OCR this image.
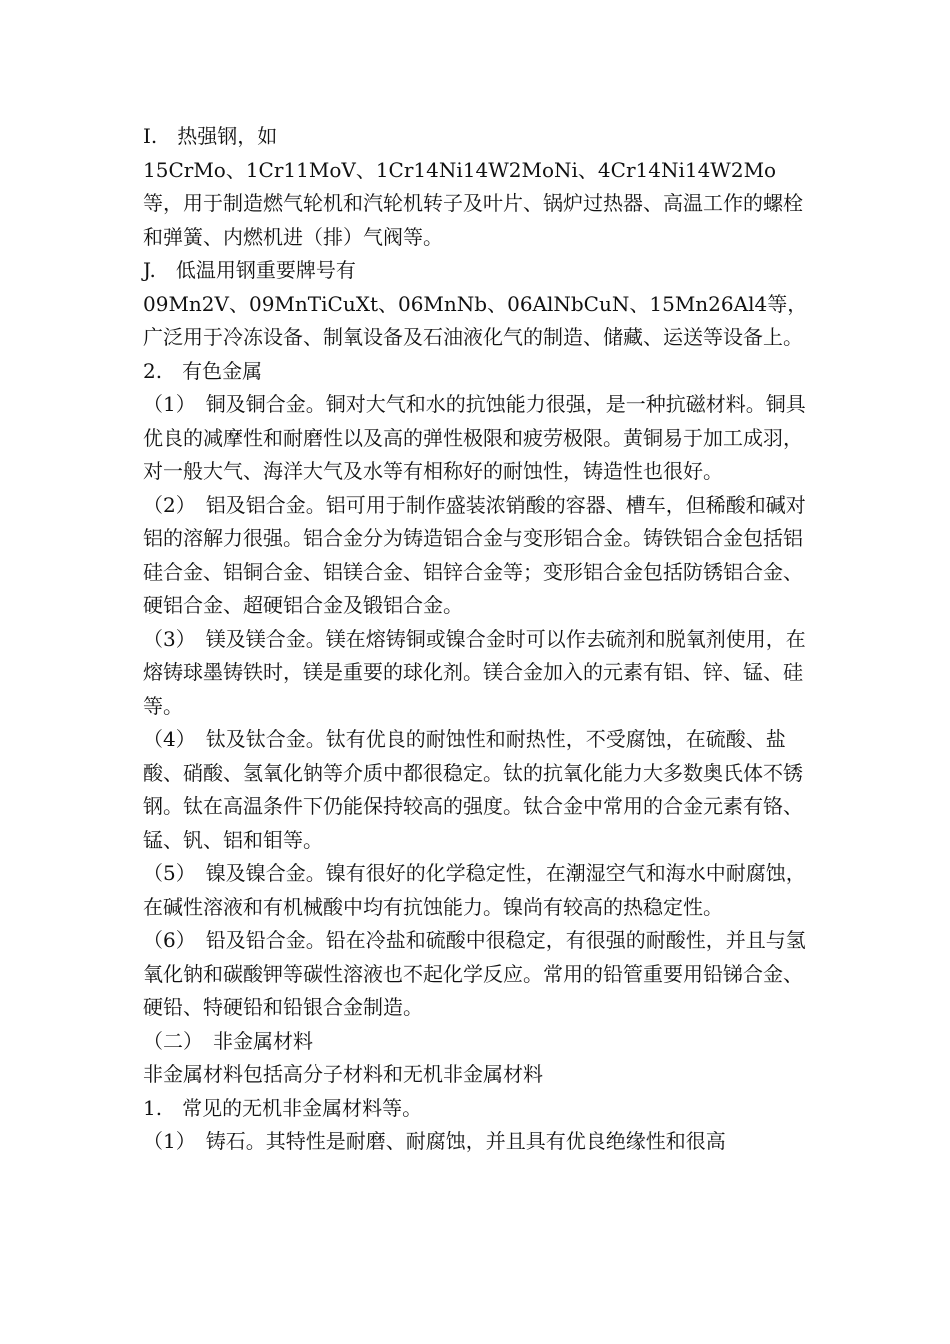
I.　热强钢，如

15CrMo、1Cr11MoV、1Cr14Ni14W2MoNi、4Cr14Ni14W2Mo等，用于制造燃气轮机和汽轮机转子及叶片、锅炉过热器、高温工作的螺栓和弹簧、内燃机进（排）气阀等。

J.　低温用钢重要牌号有

09Mn2V、09MnTiCuXt、06MnNb、06AlNbCuN、15Mn26Al4等，广泛用于冷冻设备、制氧设备及石油液化气的制造、储藏、运送等设备上。

2.　有色金属

（1）　铜及铜合金。铜对大气和水的抗蚀能力很强，是一种抗磁材料。铜具优良的减摩性和耐磨性以及高的弹性极限和疲劳极限。黄铜易于加工成羽，对一般大气、海洋大气及水等有相称好的耐蚀性，铸造性也很好。

（2）　铝及铝合金。铝可用于制作盛装浓销酸的容器、槽车，但稀酸和碱对铝的溶解力很强。铝合金分为铸造铝合金与变形铝合金。铸铁铝合金包括铝硅合金、铝铜合金、铝镁合金、铝锌合金等；变形铝合金包括防锈铝合金、硬铝合金、超硬铝合金及锻铝合金。

（3）　镁及镁合金。镁在熔铸铜或镍合金时可以作去硫剂和脱氧剂使用，在熔铸球墨铸铁时，镁是重要的球化剂。镁合金加入的元素有铝、锌、锰、硅等。

（4）　钛及钛合金。钛有优良的耐蚀性和耐热性，不受腐蚀，在硫酸、盐酸、硝酸、氢氧化钠等介质中都很稳定。钛的抗氧化能力大多数奥氏体不锈钢。钛在高温条件下仍能保持较高的强度。钛合金中常用的合金元素有铬、锰、钒、铝和钼等。

（5）　镍及镍合金。镍有很好的化学稳定性，在潮湿空气和海水中耐腐蚀，在碱性溶液和有机械酸中均有抗蚀能力。镍尚有较高的热稳定性。

（6）　铅及铅合金。铅在冷盐和硫酸中很稳定，有很强的耐酸性，并且与氢氧化钠和碳酸钾等碳性溶液也不起化学反应。常用的铅管重要用铅锑合金、硬铅、特硬铅和铅银合金制造。

（二）　非金属材料

非金属材料包括高分子材料和无机非金属材料

1.　常见的无机非金属材料等。

（1）　铸石。其特性是耐磨、耐腐蚀，并且具有优良绝缘性和很高
